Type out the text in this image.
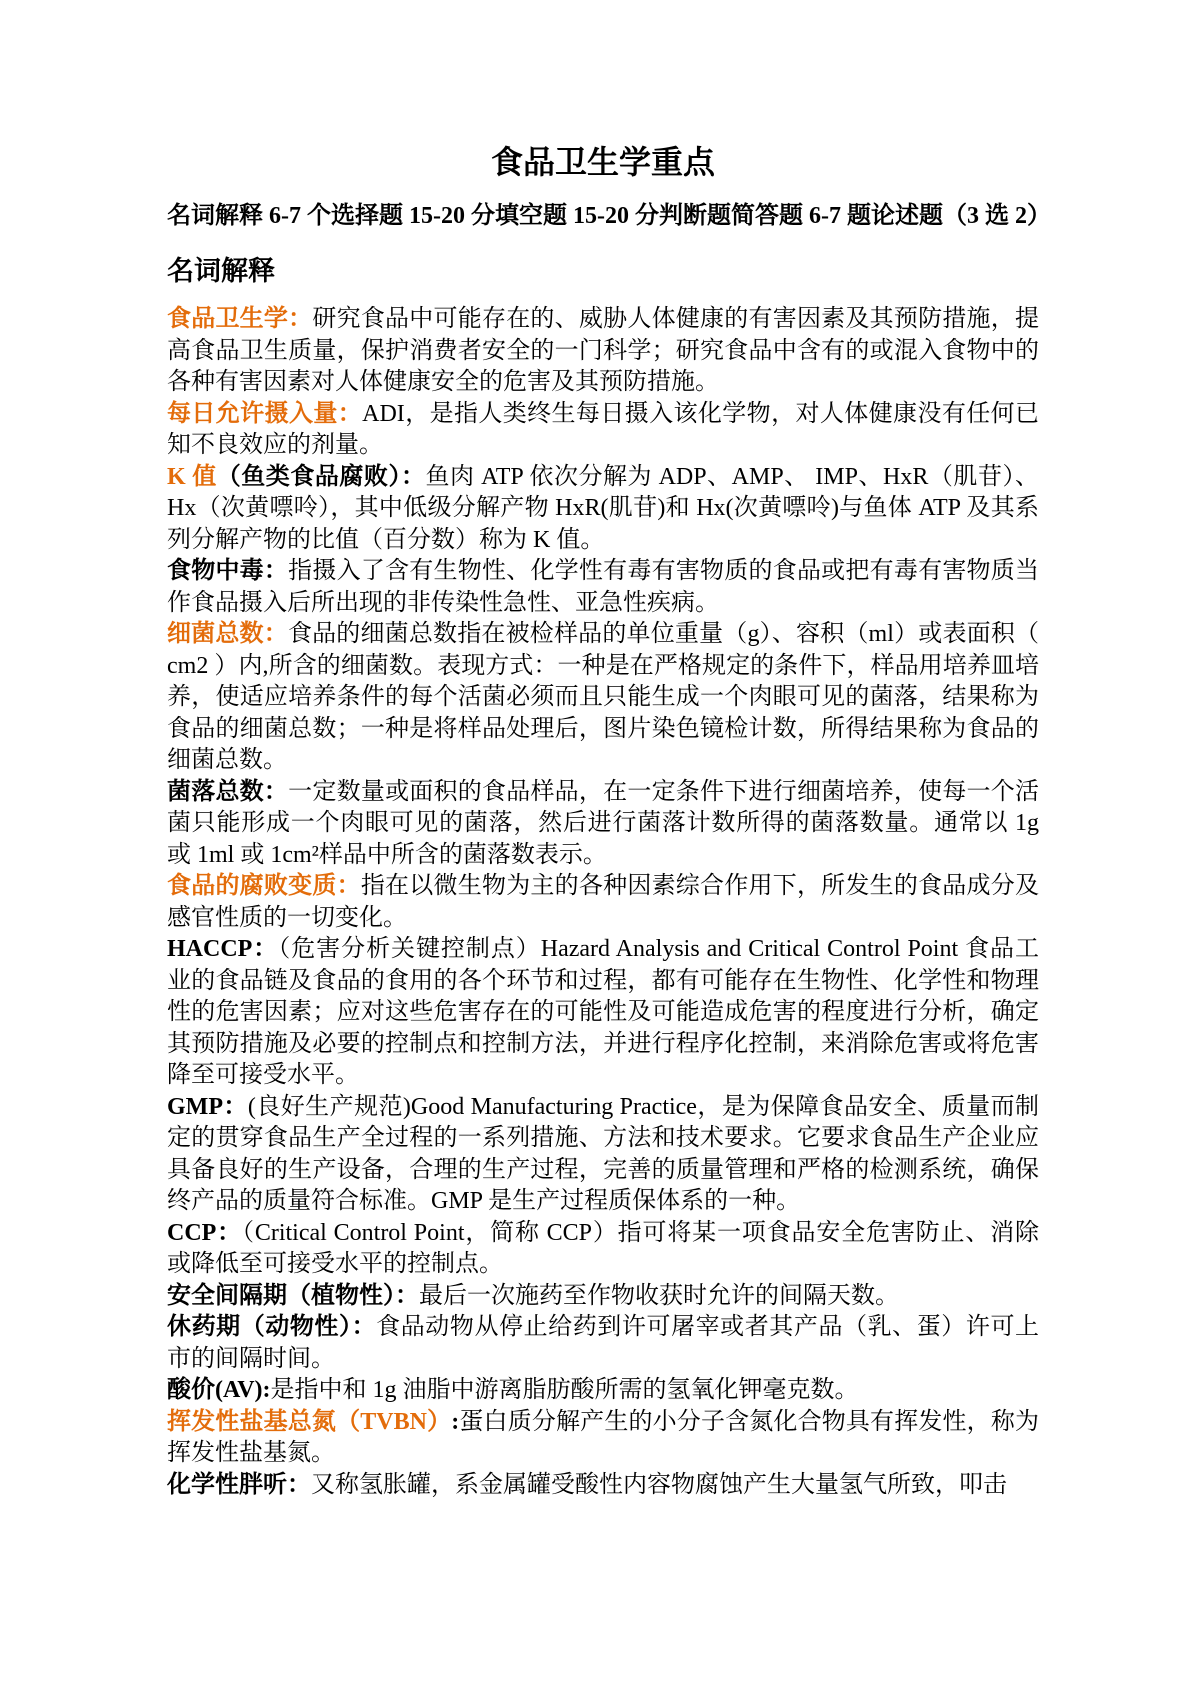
食品卫生学重点

名词解释 6-7 个选择题 15-20 分填空题 15-20 分判断题简答题 6-7 题论述题（3 选 2）

名词解释

食品卫生学：研究食品中可能存在的、威胁人体健康的有害因素及其预防措施，提高食品卫生质量，保护消费者安全的一门科学；研究食品中含有的或混入食物中的各种有害因素对人体健康安全的危害及其预防措施。

每日允许摄入量：ADI，是指人类终生每日摄入该化学物，对人体健康没有任何已知不良效应的剂量。

K 值（鱼类食品腐败）：鱼肉 ATP 依次分解为 ADP、AMP、 IMP、HxR（肌苷）、Hx（次黄嘌呤），其中低级分解产物 HxR(肌苷)和 Hx(次黄嘌呤)与鱼体 ATP 及其系列分解产物的比值（百分数）称为 K 值。

食物中毒：指摄入了含有生物性、化学性有毒有害物质的食品或把有毒有害物质当作食品摄入后所出现的非传染性急性、亚急性疾病。

细菌总数：食品的细菌总数指在被检样品的单位重量（g）、容积（ml）或表面积（ cm2 ）内,所含的细菌数。表现方式：一种是在严格规定的条件下，样品用培养皿培养，使适应培养条件的每个活菌必须而且只能生成一个肉眼可见的菌落，结果称为食品的细菌总数；一种是将样品处理后，图片染色镜检计数，所得结果称为食品的细菌总数。

菌落总数：一定数量或面积的食品样品，在一定条件下进行细菌培养，使每一个活菌只能形成一个肉眼可见的菌落，然后进行菌落计数所得的菌落数量。通常以 1g 或 1ml 或 1cm²样品中所含的菌落数表示。

食品的腐败变质：指在以微生物为主的各种因素综合作用下，所发生的食品成分及感官性质的一切变化。

HACCP：（危害分析关键控制点）Hazard Analysis and Critical Control Point 食品工业的食品链及食品的食用的各个环节和过程，都有可能存在生物性、化学性和物理性的危害因素；应对这些危害存在的可能性及可能造成危害的程度进行分析，确定其预防措施及必要的控制点和控制方法，并进行程序化控制，来消除危害或将危害降至可接受水平。

GMP：(良好生产规范)Good Manufacturing Practice，是为保障食品安全、质量而制定的贯穿食品生产全过程的一系列措施、方法和技术要求。它要求食品生产企业应具备良好的生产设备，合理的生产过程，完善的质量管理和严格的检测系统，确保终产品的质量符合标准。GMP 是生产过程质保体系的一种。

CCP：（Critical Control Point，简称 CCP）指可将某一项食品安全危害防止、消除或降低至可接受水平的控制点。

安全间隔期（植物性）：最后一次施药至作物收获时允许的间隔天数。

休药期（动物性）：食品动物从停止给药到许可屠宰或者其产品（乳、蛋）许可上市的间隔时间。

酸价(AV):是指中和 1g 油脂中游离脂肪酸所需的氢氧化钾毫克数。

挥发性盐基总氮（TVBN）:蛋白质分解产生的小分子含氮化合物具有挥发性，称为挥发性盐基氮。

化学性胖听：又称氢胀罐，系金属罐受酸性内容物腐蚀产生大量氢气所致，叩击
